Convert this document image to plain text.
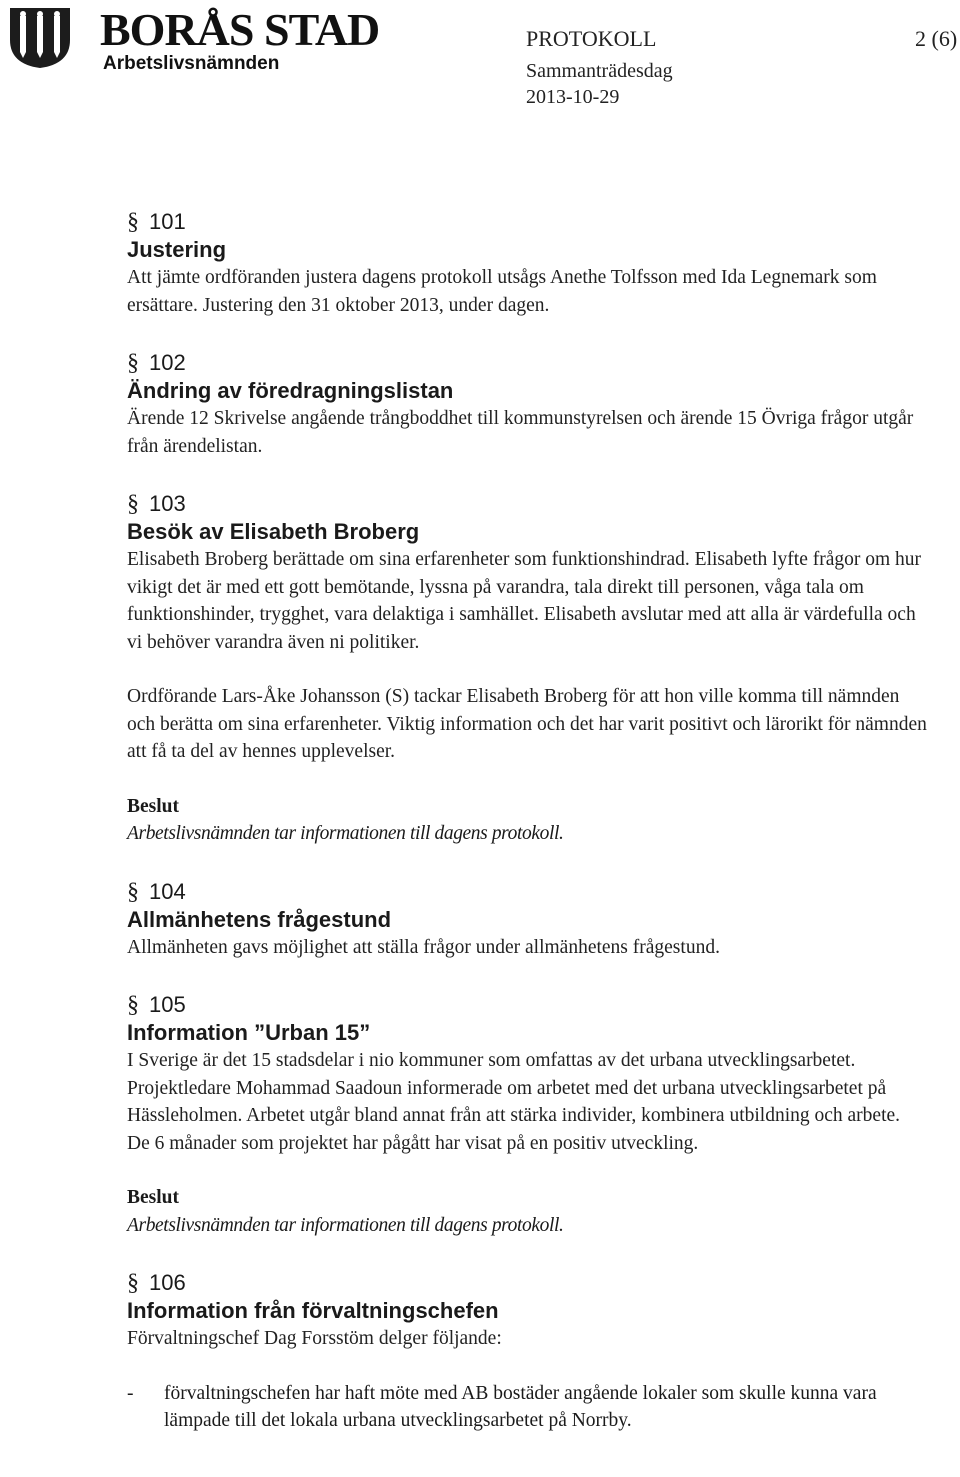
BORÅS STAD
Arbetslivsnämnden
PROTOKOLL	2 (6)
Sammanträdesdag
2013-10-29
§ 101
Justering

Att jämte ordföranden justera dagens protokoll utsågs Anethe Tolfsson med Ida Legnemark som ersättare. Justering den 31 oktober 2013, under dagen.

§ 102
Ändring av föredragningslistan

Ärende 12 Skrivelse angående trångboddhet till kommunstyrelsen och ärende 15 Övriga frågor utgår från ärendelistan.

§ 103
Besök av Elisabeth Broberg

Elisabeth Broberg berättade om sina erfarenheter som funktionshindrad. Elisabeth lyfte frågor om hur vikigt det är med ett gott bemötande, lyssna på varandra, tala direkt till personen, våga tala om funktionshinder, trygghet, vara delaktiga i samhället. Elisabeth avslutar med att alla är värdefulla och vi behöver varandra även ni politiker.

Ordförande Lars-Åke Johansson (S) tackar Elisabeth Broberg för att hon ville komma till nämnden och berätta om sina erfarenheter. Viktig information och det har varit positivt och lärorikt för nämnden att få ta del av hennes upplevelser.

Beslut
Arbetslivsnämnden tar informationen till dagens protokoll.
§ 104
Allmänhetens frågestund

Allmänheten gavs möjlighet att ställa frågor under allmänhetens frågestund.

§ 105
Information ”Urban 15”

I Sverige är det 15 stadsdelar i nio kommuner som omfattas av det urbana utvecklingsarbetet. Projektledare Mohammad Saadoun informerade om arbetet med det urbana utvecklingsarbetet på Hässleholmen. Arbetet utgår bland annat från att stärka individer, kombinera utbildning och arbete. De 6 månader som projektet har pågått har visat på en positiv utveckling.

Beslut
Arbetslivsnämnden tar informationen till dagens protokoll.
§ 106
Information från förvaltningschefen

Förvaltningschef Dag Forsstöm delger följande:

-	förvaltningschefen har haft möte med AB bostäder angående lokaler som skulle kunna vara lämpade till det lokala urbana utvecklingsarbetet på Norrby.
